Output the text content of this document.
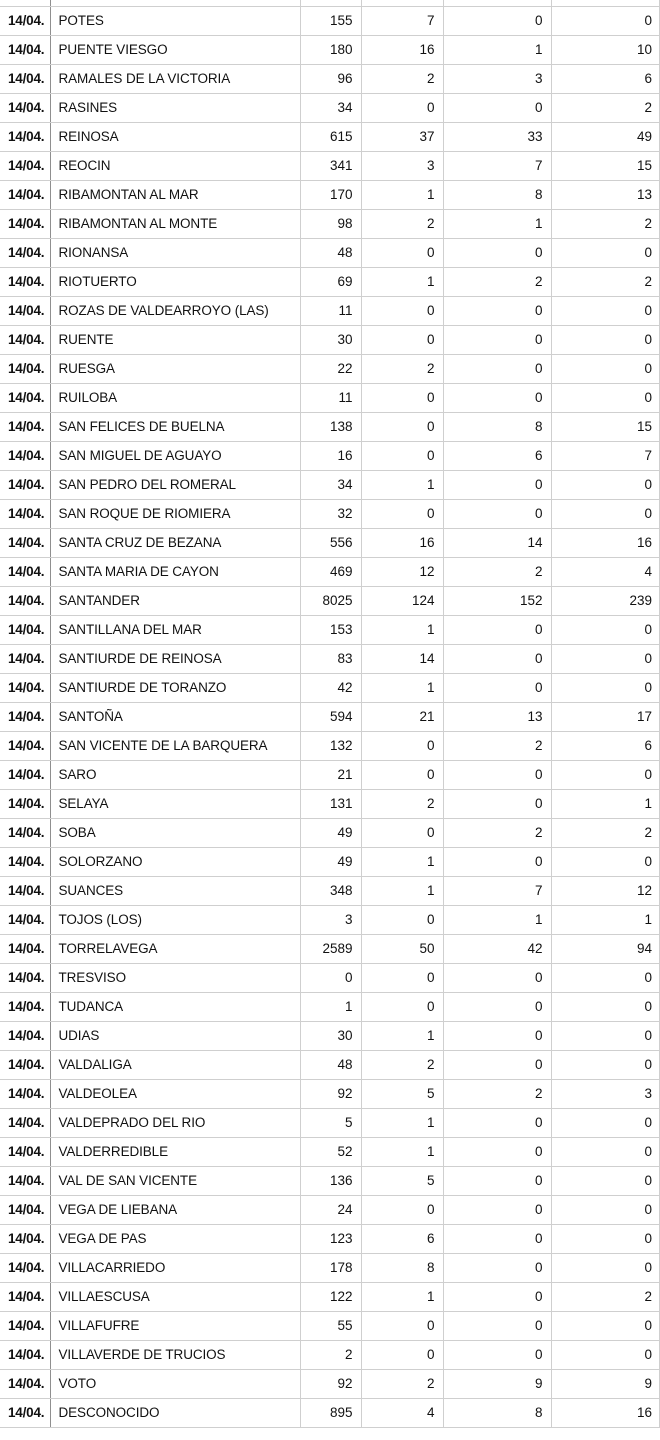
14/04.	POTES	155	7	0	0
14/04.	PUENTE VIESGO	180	16	1	10
14/04.	RAMALES DE LA VICTORIA	96	2	3	6
14/04.	RASINES	34	0	0	2
14/04.	REINOSA	615	37	33	49
14/04.	REOCIN	341	3	7	15
14/04.	RIBAMONTAN AL MAR	170	1	8	13
14/04.	RIBAMONTAN AL MONTE	98	2	1	2
14/04.	RIONANSA	48	0	0	0
14/04.	RIOTUERTO	69	1	2	2
14/04.	ROZAS DE VALDEARROYO (LAS)	11	0	0	0
14/04.	RUENTE	30	0	0	0
14/04.	RUESGA	22	2	0	0
14/04.	RUILOBA	11	0	0	0
14/04.	SAN FELICES DE BUELNA	138	0	8	15
14/04.	SAN MIGUEL DE AGUAYO	16	0	6	7
14/04.	SAN PEDRO DEL ROMERAL	34	1	0	0
14/04.	SAN ROQUE DE RIOMIERA	32	0	0	0
14/04.	SANTA CRUZ DE BEZANA	556	16	14	16
14/04.	SANTA MARIA DE CAYON	469	12	2	4
14/04.	SANTANDER	8025	124	152	239
14/04.	SANTILLANA DEL MAR	153	1	0	0
14/04.	SANTIURDE DE REINOSA	83	14	0	0
14/04.	SANTIURDE DE TORANZO	42	1	0	0
14/04.	SANTOÑA	594	21	13	17
14/04.	SAN VICENTE DE LA BARQUERA	132	0	2	6
14/04.	SARO	21	0	0	0
14/04.	SELAYA	131	2	0	1
14/04.	SOBA	49	0	2	2
14/04.	SOLORZANO	49	1	0	0
14/04.	SUANCES	348	1	7	12
14/04.	TOJOS (LOS)	3	0	1	1
14/04.	TORRELAVEGA	2589	50	42	94
14/04.	TRESVISO	0	0	0	0
14/04.	TUDANCA	1	0	0	0
14/04.	UDIAS	30	1	0	0
14/04.	VALDALIGA	48	2	0	0
14/04.	VALDEOLEA	92	5	2	3
14/04.	VALDEPRADO DEL RIO	5	1	0	0
14/04.	VALDERREDIBLE	52	1	0	0
14/04.	VAL DE SAN VICENTE	136	5	0	0
14/04.	VEGA DE LIEBANA	24	0	0	0
14/04.	VEGA DE PAS	123	6	0	0
14/04.	VILLACARRIEDO	178	8	0	0
14/04.	VILLAESCUSA	122	1	0	2
14/04.	VILLAFUFRE	55	0	0	0
14/04.	VILLAVERDE DE TRUCIOS	2	0	0	0
14/04.	VOTO	92	2	9	9
14/04.	DESCONOCIDO	895	4	8	16
